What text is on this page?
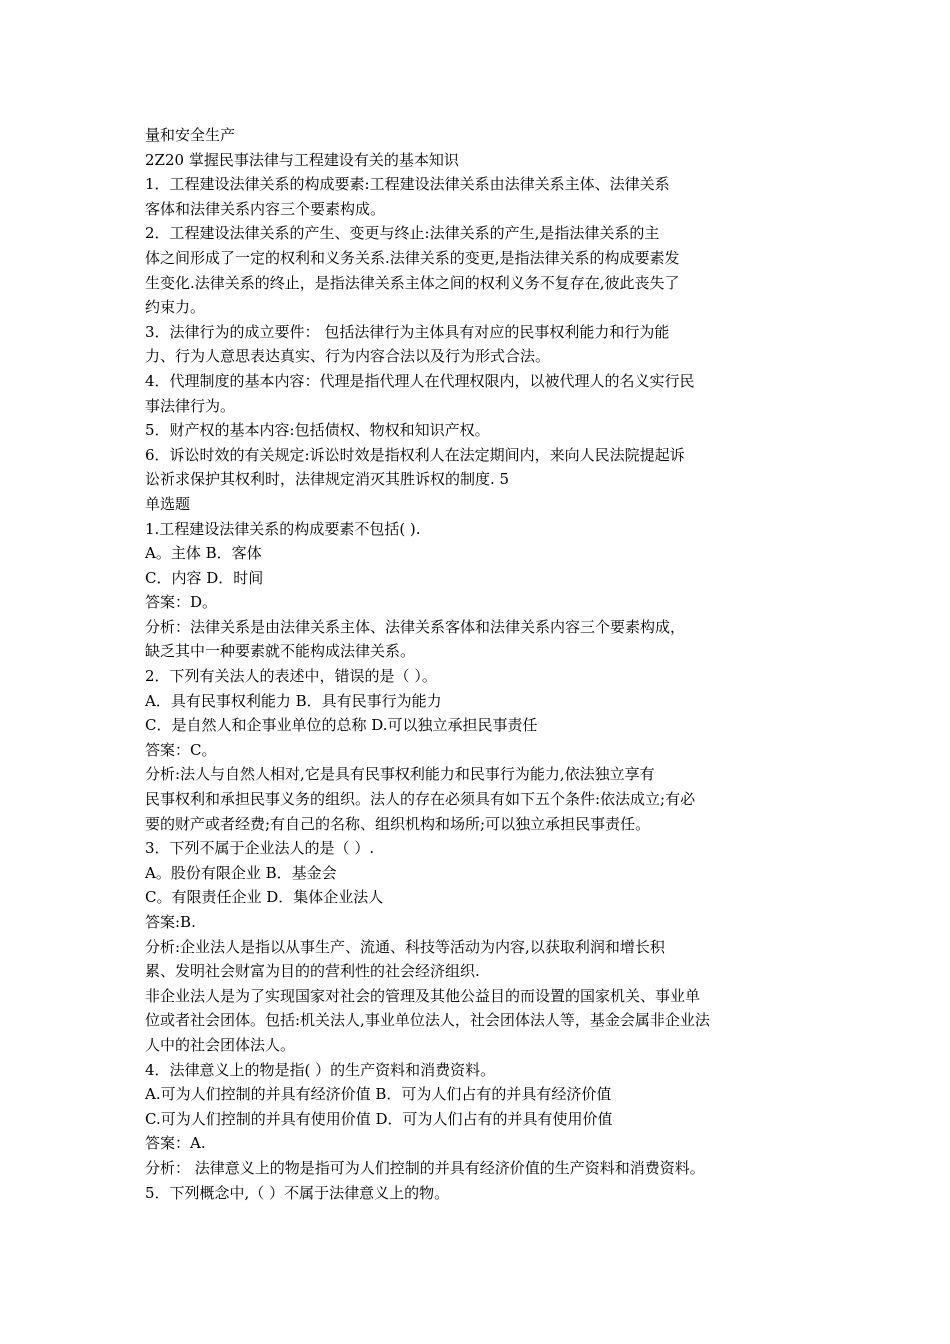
量和安全生产
2Z20 掌握民事法律与工程建设有关的基本知识
1．工程建设法律关系的构成要素:工程建设法律关系由法律关系主体、法律关系
客体和法律关系内容三个要素构成。
2．工程建设法律关系的产生、变更与终止:法律关系的产生,是指法律关系的主
体之间形成了一定的权利和义务关系.法律关系的变更,是指法律关系的构成要素发
生变化.法律关系的终止，是指法律关系主体之间的权利义务不复存在,彼此丧失了
约束力。
3．法律行为的成立要件： 包括法律行为主体具有对应的民事权利能力和行为能
力、行为人意思表达真实、行为内容合法以及行为形式合法。
4．代理制度的基本内容：代理是指代理人在代理权限内，以被代理人的名义实行民
事法律行为。
5．财产权的基本内容:包括债权、物权和知识产权。
6．诉讼时效的有关规定:诉讼时效是指权利人在法定期间内，来向人民法院提起诉
讼祈求保护其权利时，法律规定消灭其胜诉权的制度. 5
单选题
1.工程建设法律关系的构成要素不包括( ).
A。主体 B．客体
C．内容 D．时间
答案：D。
分析：法律关系是由法律关系主体、法律关系客体和法律关系内容三个要素构成，
缺乏其中一种要素就不能构成法律关系。
2．下列有关法人的表述中，错误的是（ ）。
A．具有民事权利能力 B．具有民事行为能力
C．是自然人和企事业单位的总称 D.可以独立承担民事责任
答案：C。
分析:法人与自然人相对,它是具有民事权利能力和民事行为能力,依法独立享有
民事权利和承担民事义务的组织。法人的存在必须具有如下五个条件:依法成立;有必
要的财产或者经费;有自己的名称、组织机构和场所;可以独立承担民事责任。
3．下列不属于企业法人的是（ ）.
A。股份有限企业 B．基金会
C。有限责任企业 D．集体企业法人
答案:B.
分析:企业法人是指以从事生产、流通、科技等活动为内容,以获取利润和增长积
累、发明社会财富为目的的营利性的社会经济组织.
非企业法人是为了实现国家对社会的管理及其他公益目的而设置的国家机关、事业单
位或者社会团体。包括:机关法人,事业单位法人，社会团体法人等，基金会属非企业法
人中的社会团体法人。
4．法律意义上的物是指( ）的生产资料和消费资料。
A.可为人们控制的并具有经济价值 B．可为人们占有的并具有经济价值
C.可为人们控制的并具有使用价值 D．可为人们占有的并具有使用价值
答案：A.
分析： 法律意义上的物是指可为人们控制的并具有经济价值的生产资料和消费资料。
5．下列概念中,（ ）不属于法律意义上的物。
